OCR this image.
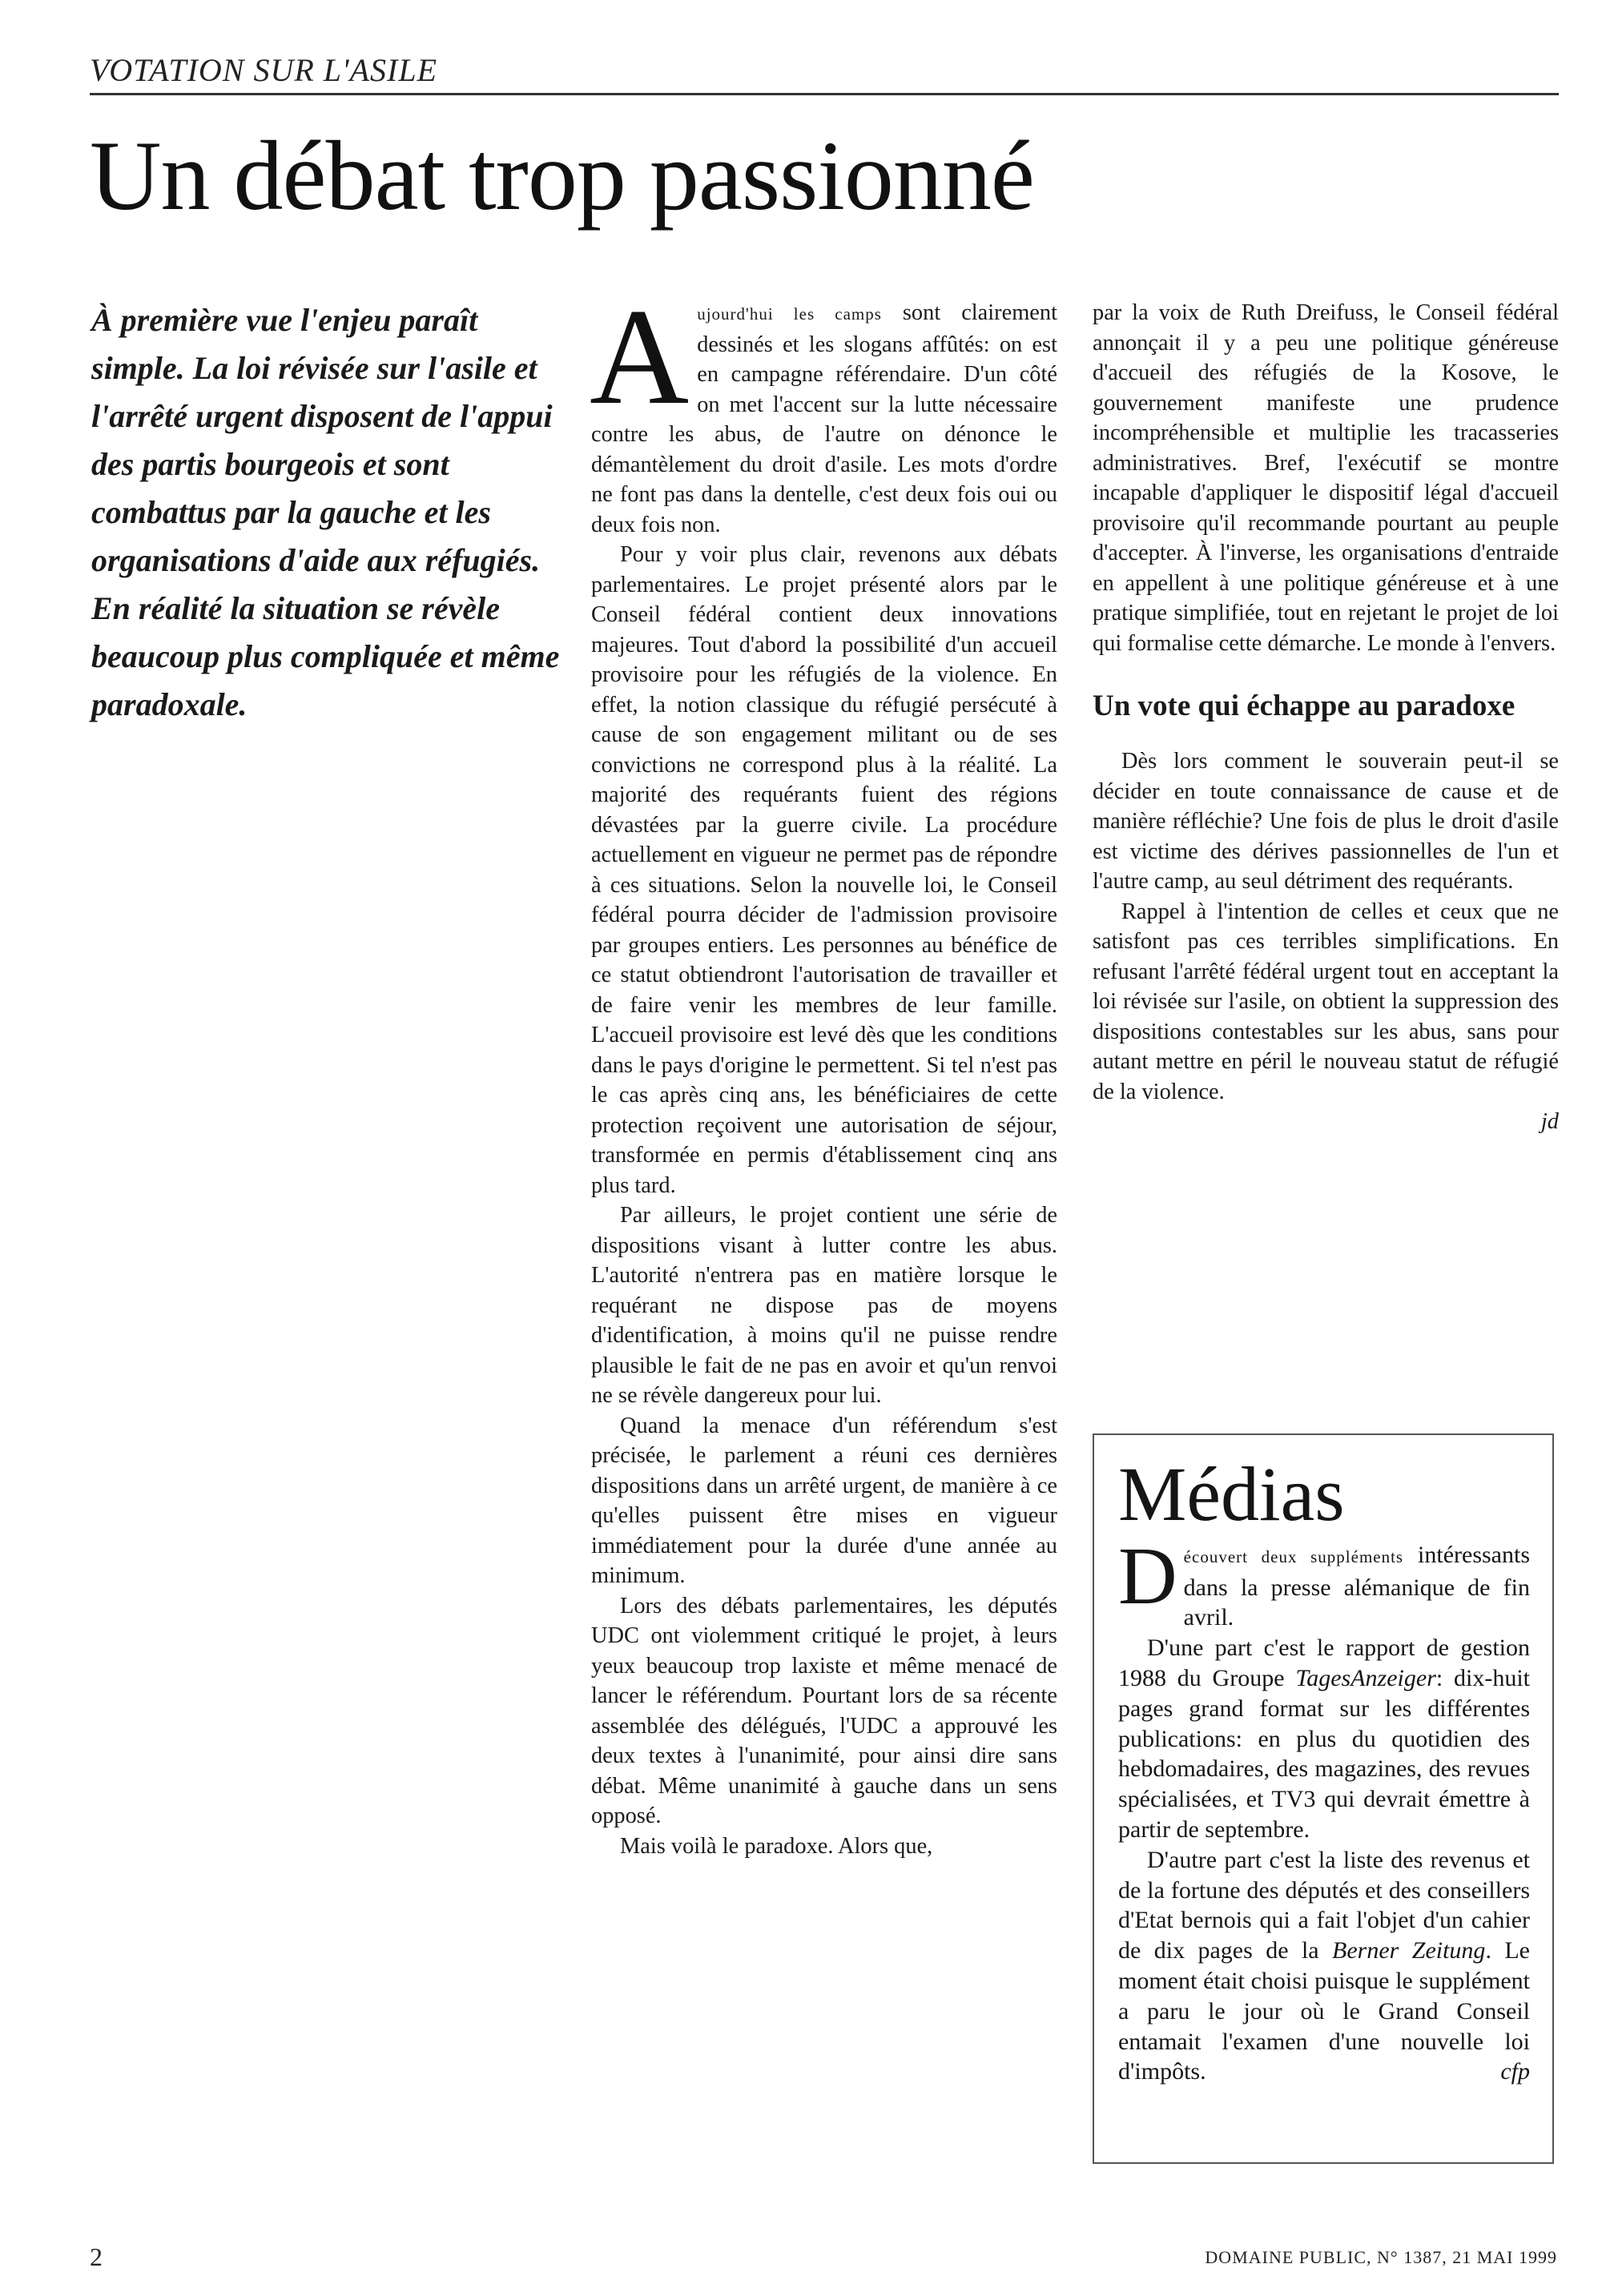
VOTATION SUR L'ASILE
Un débat trop passionné

À première vue l'enjeu paraît simple. La loi révisée sur l'asile et l'arrêté urgent disposent de l'appui des partis bourgeois et sont combattus par la gauche et les organisations d'aide aux réfugiés. En réalité la situation se révèle beaucoup plus compliquée et même paradoxale.

Aujourd'hui les camps sont clairement dessinés et les slogans affûtés: on est en campagne référendaire. D'un côté on met l'accent sur la lutte nécessaire contre les abus, de l'autre on dénonce le démantèlement du droit d'asile. Les mots d'ordre ne font pas dans la dentelle, c'est deux fois oui ou deux fois non.

Pour y voir plus clair, revenons aux débats parlementaires. Le projet présenté alors par le Conseil fédéral contient deux innovations majeures. Tout d'abord la possibilité d'un accueil provisoire pour les réfugiés de la violence. En effet, la notion classique du réfugié persécuté à cause de son engagement militant ou de ses convictions ne correspond plus à la réalité. La majorité des requérants fuient des régions dévastées par la guerre civile. La procédure actuellement en vigueur ne permet pas de répondre à ces situations. Selon la nouvelle loi, le Conseil fédéral pourra décider de l'admission provisoire par groupes entiers. Les personnes au bénéfice de ce statut obtiendront l'autorisation de travailler et de faire venir les membres de leur famille. L'accueil provisoire est levé dès que les conditions dans le pays d'origine le permettent. Si tel n'est pas le cas après cinq ans, les bénéficiaires de cette protection reçoivent une autorisation de séjour, transformée en permis d'établissement cinq ans plus tard.

Par ailleurs, le projet contient une série de dispositions visant à lutter contre les abus. L'autorité n'entrera pas en matière lorsque le requérant ne dispose pas de moyens d'identification, à moins qu'il ne puisse rendre plausible le fait de ne pas en avoir et qu'un renvoi ne se révèle dangereux pour lui.

Quand la menace d'un référendum s'est précisée, le parlement a réuni ces dernières dispositions dans un arrêté urgent, de manière à ce qu'elles puissent être mises en vigueur immédiatement pour la durée d'une année au minimum.

Lors des débats parlementaires, les députés UDC ont violemment critiqué le projet, à leurs yeux beaucoup trop laxiste et même menacé de lancer le référendum. Pourtant lors de sa récente assemblée des délégués, l'UDC a approuvé les deux textes à l'unanimité, pour ainsi dire sans débat. Même unanimité à gauche dans un sens opposé.

Mais voilà le paradoxe. Alors que,

par la voix de Ruth Dreifuss, le Conseil fédéral annonçait il y a peu une politique généreuse d'accueil des réfugiés de la Kosove, le gouvernement manifeste une prudence incompréhensible et multiplie les tracasseries administratives. Bref, l'exécutif se montre incapable d'appliquer le dispositif légal d'accueil provisoire qu'il recommande pourtant au peuple d'accepter. À l'inverse, les organisations d'entraide en appellent à une politique généreuse et à une pratique simplifiée, tout en rejetant le projet de loi qui formalise cette démarche. Le monde à l'envers.

Un vote qui échappe au paradoxe

Dès lors comment le souverain peut-il se décider en toute connaissance de cause et de manière réfléchie? Une fois de plus le droit d'asile est victime des dérives passionnelles de l'un et l'autre camp, au seul détriment des requérants.

Rappel à l'intention de celles et ceux que ne satisfont pas ces terribles simplifications. En refusant l'arrêté fédéral urgent tout en acceptant la loi révisée sur l'asile, on obtient la suppression des dispositions contestables sur les abus, sans pour autant mettre en péril le nouveau statut de réfugié de la violence.

jd
Médias

Découvert deux suppléments intéressants dans la presse alémanique de fin avril.

D'une part c'est le rapport de gestion 1988 du Groupe TagesAnzeiger: dix-huit pages grand format sur les différentes publications: en plus du quotidien des hebdomadaires, des magazines, des revues spécialisées, et TV3 qui devrait émettre à partir de septembre.

D'autre part c'est la liste des revenus et de la fortune des députés et des conseillers d'Etat bernois qui a fait l'objet d'un cahier de dix pages de la Berner Zeitung. Le moment était choisi puisque le supplément a paru le jour où le Grand Conseil entamait l'examen d'une nouvelle loi d'impôts.	cfp

2	DOMAINE PUBLIC, N° 1387, 21 MAI 1999
